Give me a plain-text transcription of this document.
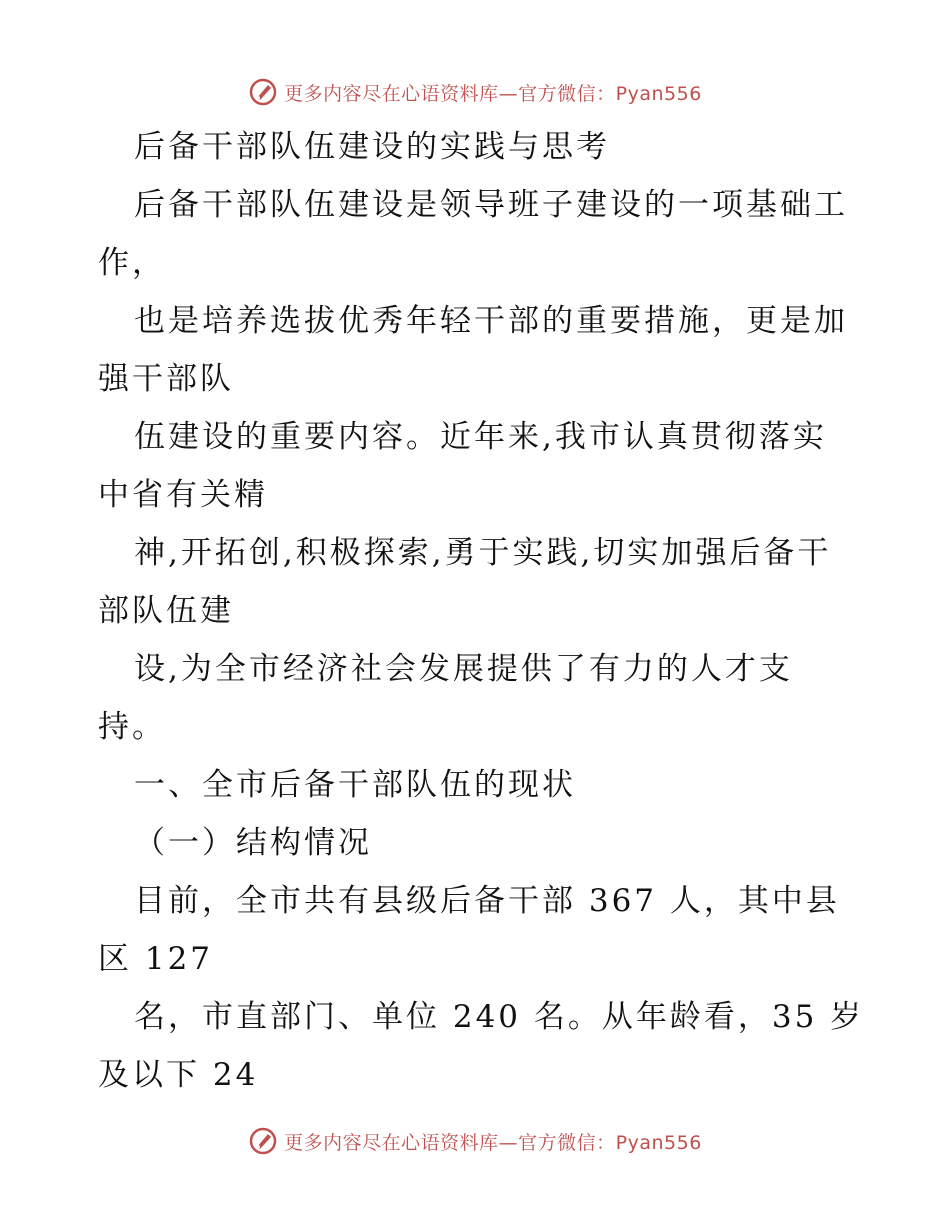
更多内容尽在心语资料库—官方微信：Pyan556
后备干部队伍建设的实践与思考
后备干部队伍建设是领导班子建设的一项基础工
作，
也是培养选拔优秀年轻干部的重要措施，更是加
强干部队
伍建设的重要内容。近年来,我市认真贯彻落实
中省有关精
神,开拓创,积极探索,勇于实践,切实加强后备干
部队伍建
设,为全市经济社会发展提供了有力的人才支
持。
一、全市后备干部队伍的现状
（一）结构情况
目前，全市共有县级后备干部 367 人，其中县
区 127
名，市直部门、单位 240 名。从年龄看，35 岁
及以下 24
更多内容尽在心语资料库—官方微信：Pyan556
